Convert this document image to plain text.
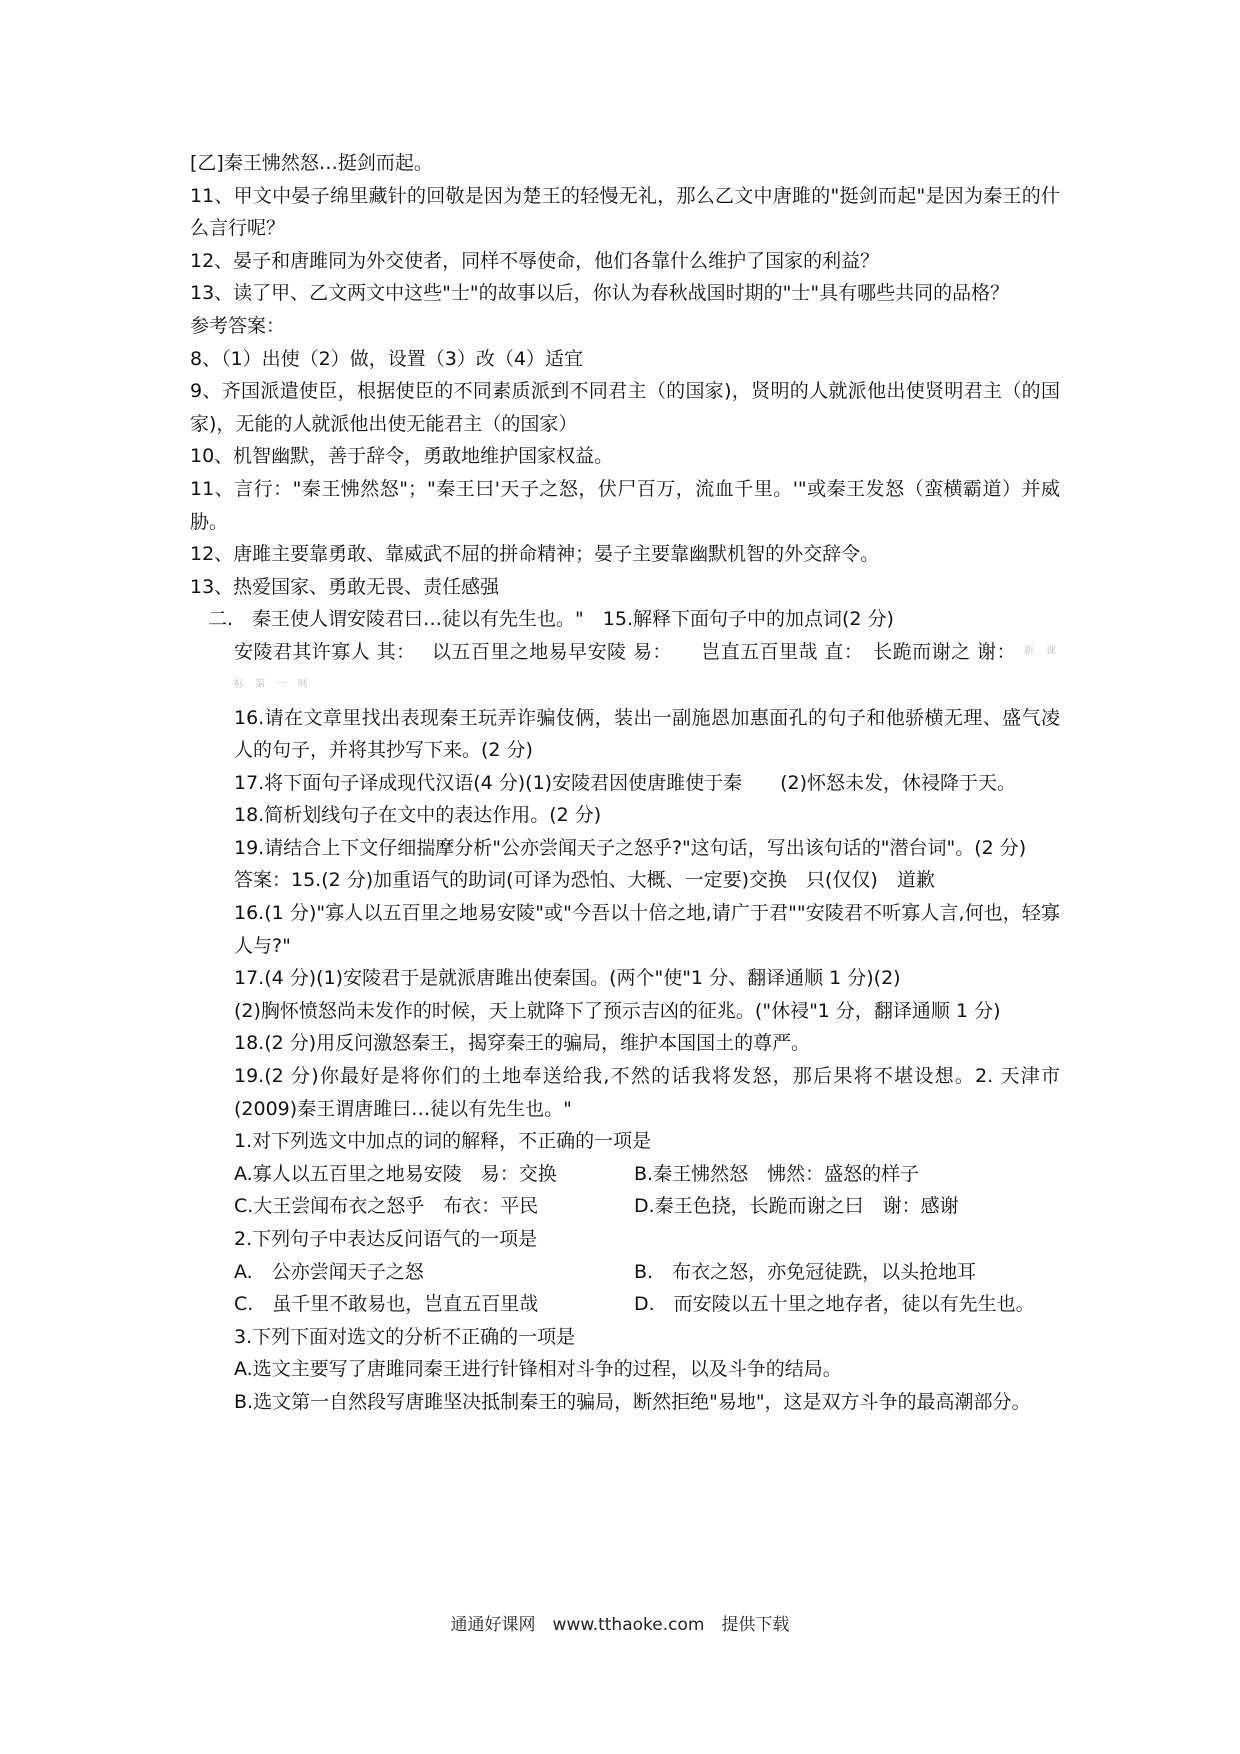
[乙]秦王怫然怒…挺剑而起。

11、甲文中晏子绵里藏针的回敬是因为楚王的轻慢无礼，那么乙文中唐雎的"挺剑而起"是因为秦王的什么言行呢？

12、晏子和唐雎同为外交使者，同样不辱使命，他们各靠什么维护了国家的利益？

13、读了甲、乙文两文中这些"士"的故事以后，你认为春秋战国时期的"士"具有哪些共同的品格？

参考答案：

8、（1）出使（2）做，设置（3）改（4）适宜

9、齐国派遣使臣，根据使臣的不同素质派到不同君主（的国家)，贤明的人就派他出使贤明君主（的国家)，无能的人就派他出使无能君主（的国家）

10、机智幽默，善于辞令，勇敢地维护国家权益。

11、言行："秦王怫然怒"；"秦王曰'天子之怒，伏尸百万，流血千里。'"或秦王发怒（蛮横霸道）并威胁。

12、唐雎主要靠勇敢、靠威武不屈的拼命精神；晏子主要靠幽默机智的外交辞令。

13、热爱国家、勇敢无畏、责任感强

二.　秦王使人谓安陵君曰…徒以有先生也。"　15.解释下面句子中的加点词(2 分)

安陵君其许寡人 其：　 以五百里之地易早安陵 易：　　岂直五百里哉 直：　长跪而谢之 谢： 新 课 标 第 一 网

16.请在文章里找出表现秦王玩弄诈骗伎俩，装出一副施恩加惠面孔的句子和他骄横无理、盛气凌人的句子，并将其抄写下来。(2 分)

17.将下面句子译成现代汉语(4 分)(1)安陵君因使唐雎使于秦　　(2)怀怒未发，休祲降于天。

18.简析划线句子在文中的表达作用。(2 分)

19.请结合上下文仔细揣摩分析"公亦尝闻天子之怒乎?"这句话，写出该句话的"潜台词"。(2 分)

答案：15.(2 分)加重语气的助词(可译为恐怕、大概、一定要)交换　只(仅仅)　道歉

16.(1 分)"寡人以五百里之地易安陵"或"今吾以十倍之地,请广于君""安陵君不听寡人言,何也，轻寡人与?"

17.(4 分)(1)安陵君于是就派唐雎出使秦国。(两个"使"1 分、翻译通顺 1 分)(2)

(2)胸怀愤怒尚未发作的时候，天上就降下了预示吉凶的征兆。("休祲"1 分，翻译通顺 1 分)

18.(2 分)用反问激怒秦王，揭穿秦王的骗局，维护本国国土的尊严。

19.(2 分)你最好是将你们的土地奉送给我,不然的话我将发怒，那后果将不堪设想。2. 天津市(2009)秦王谓唐雎曰…徒以有先生也。"

1.对下列选文中加点的词的解释，不正确的一项是

A.寡人以五百里之地易安陵　易：交换	B.秦王怫然怒　怫然：盛怒的样子
C.大王尝闻布衣之怒乎　布衣：平民	D.秦王色挠，长跪而谢之曰　谢：感谢

2.下列句子中表达反问语气的一项是

A.　公亦尝闻天子之怒	B.　布衣之怒，亦免冠徒跣，以头抢地耳
C.　虽千里不敢易也，岂直五百里哉	D.　而安陵以五十里之地存者，徒以有先生也。

3.下列下面对选文的分析不正确的一项是

A.选文主要写了唐雎同秦王进行针锋相对斗争的过程，以及斗争的结局。

B.选文第一自然段写唐雎坚决抵制秦王的骗局，断然拒绝"易地"，这是双方斗争的最高潮部分。

通通好课网　www.tthaoke.com　提供下载
